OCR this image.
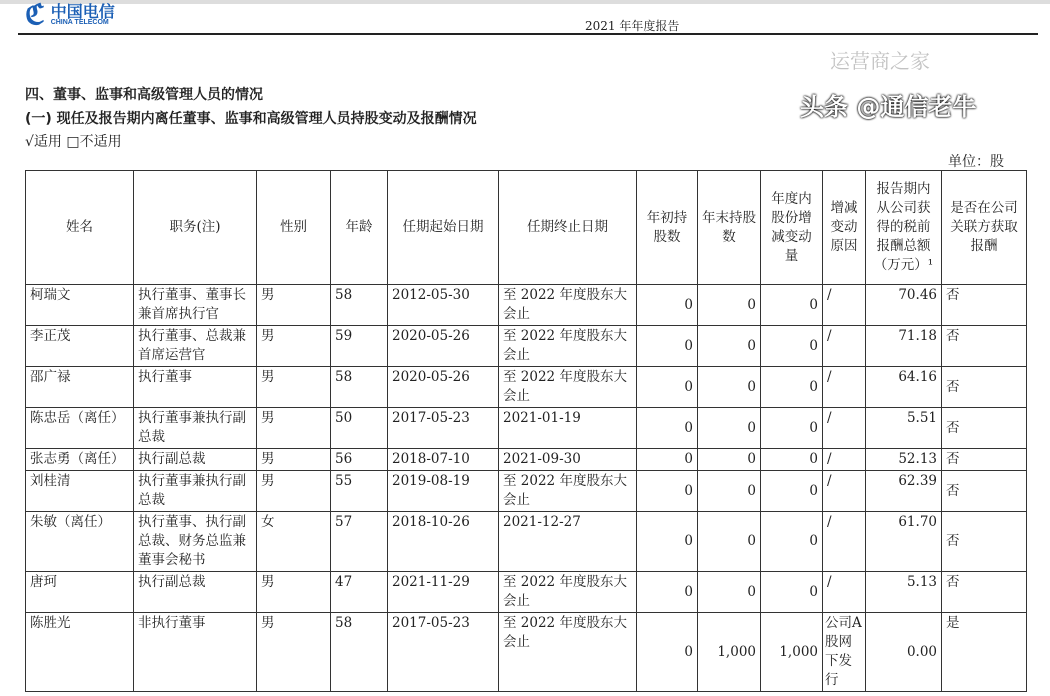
ℭ 中国电信
CHINA TELECOM	2021 年年度报告
四、董事、监事和高级管理人员的情况
(一) 现任及报告期内离任董事、监事和高级管理人员持股变动及报酬情况
√适用 □不适用
单位：股
姓名	职务(注)	性别	年龄	任期起始日期	任期终止日期	年初持股数	年末持股数	年度内股份增减变动量	增减变动原因	报告期内从公司获得的税前报酬总额（万元）¹	是否在公司关联方获取报酬
柯瑞文	执行董事、董事长兼首席执行官	男	58	2012-05-30	至 2022 年度股东大会止	0	0	0	/	70.46	否
李正茂	执行董事、总裁兼首席运营官	男	59	2020-05-26	至 2022 年度股东大会止	0	0	0	/	71.18	否
邵广禄	执行董事	男	58	2020-05-26	至 2022 年度股东大会止	0	0	0	/	64.16	否
陈忠岳（离任）	执行董事兼执行副总裁	男	50	2017-05-23	2021-01-19	0	0	0	/	5.51	否
张志勇（离任）	执行副总裁	男	56	2018-07-10	2021-09-30	0	0	0	/	52.13	否
刘桂清	执行董事兼执行副总裁	男	55	2019-08-19	至 2022 年度股东大会止	0	0	0	/	62.39	否
朱敏（离任）	执行董事、执行副总裁、财务总监兼董事会秘书	女	57	2018-10-26	2021-12-27	0	0	0	/	61.70	否
唐珂	执行副总裁	男	47	2021-11-29	至 2022 年度股东大会止	0	0	0	/	5.13	否
陈胜光	非执行董事	男	58	2017-05-23	至 2022 年度股东大会止	0	1,000	1,000	公司A股网下发行	0.00	是
运营商之家
头条 @通信老牛
